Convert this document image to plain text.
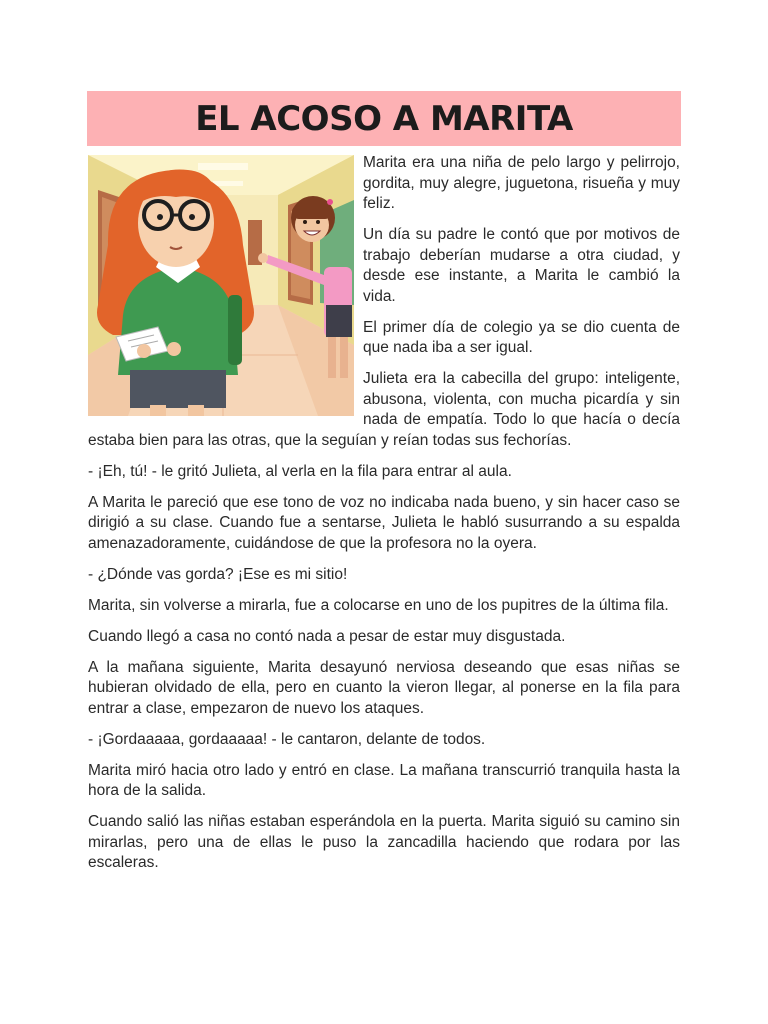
EL ACOSO A MARITA

Marita era una niña de pelo largo y pelirrojo, gordita, muy alegre, juguetona, risueña y muy feliz.

Un día su padre le contó que por motivos de trabajo deberían mudarse a otra ciudad, y desde ese instante, a Marita le cambió la vida.

El primer día de colegio ya se dio cuenta de que nada iba a ser igual.

Julieta era la cabecilla del grupo: inteligente, abusona, violenta, con mucha picardía y sin nada de empatía. Todo lo que hacía o decía estaba bien para las otras, que la seguían y reían todas sus fechorías.

- ¡Eh, tú! - le gritó Julieta, al verla en la fila para entrar al aula.

A Marita le pareció que ese tono de voz no indicaba nada bueno, y sin hacer caso se dirigió a su clase. Cuando fue a sentarse, Julieta le habló susurrando a su espalda amenazadoramente, cuidándose de que la profesora no la oyera.

- ¿Dónde vas gorda? ¡Ese es mi sitio!

Marita, sin volverse a mirarla, fue a colocarse en uno de los pupitres de la última fila.

Cuando llegó a casa no contó nada a pesar de estar muy disgustada.

A la mañana siguiente, Marita desayunó nerviosa deseando que esas niñas se hubieran olvidado de ella, pero en cuanto la vieron llegar, al ponerse en la fila para entrar a clase, empezaron de nuevo los ataques.

- ¡Gordaaaaa, gordaaaaa! - le cantaron, delante de todos.

Marita miró hacia otro lado y entró en clase. La mañana transcurrió tranquila hasta la hora de la salida.

Cuando salió las niñas estaban esperándola en la puerta. Marita siguió su camino sin mirarlas, pero una de ellas le puso la zancadilla haciendo que rodara por las escaleras.
